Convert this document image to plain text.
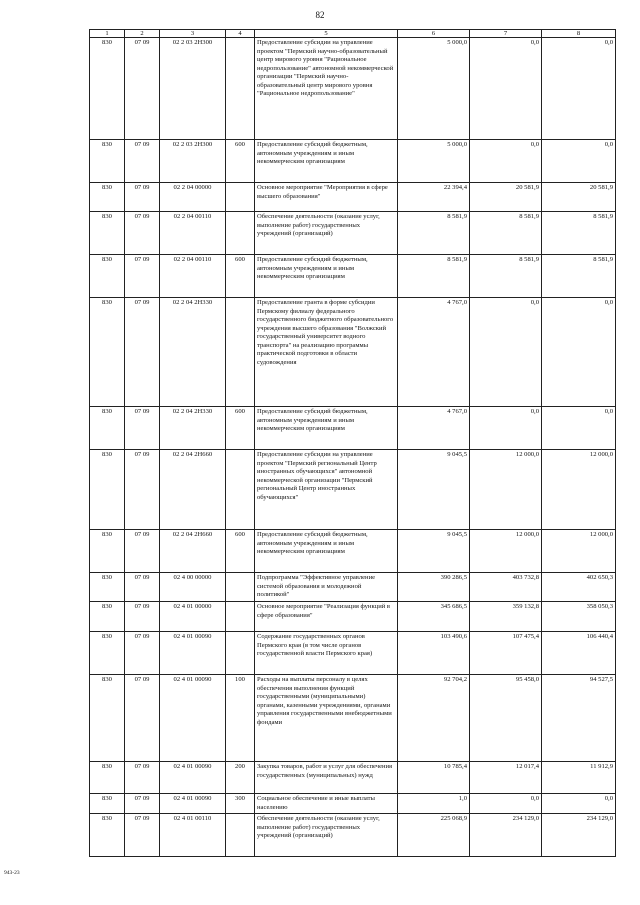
82
1	2	3	4	5	6	7	8
830	07 09	02 2 03 2Н300		Предоставление субсидии на управление проектом "Пермский научно-образовательный центр мирового уровня "Рациональное недропользование" автономной некоммерческой организации "Пермский научно-образовательный центр мирового уровня "Рациональное недропользование"	5 000,0	0,0	0,0
830	07 09	02 2 03 2Н300	600	Предоставление субсидий бюджетным, автономным учреждениям и иным некоммерческим организациям	5 000,0	0,0	0,0
830	07 09	02 2 04 00000		Основное мероприятие "Мероприятия в сфере высшего образования"	22 394,4	20 581,9	20 581,9
830	07 09	02 2 04 00110		Обеспечение деятельности (оказание услуг, выполнение работ) государственных учреждений (организаций)	8 581,9	8 581,9	8 581,9
830	07 09	02 2 04 00110	600	Предоставление субсидий бюджетным, автономным учреждениям и иным некоммерческим организациям	8 581,9	8 581,9	8 581,9
830	07 09	02 2 04 2Н330		Предоставление гранта в форме субсидии Пермскому филиалу федерального государственного бюджетного образовательного учреждения высшего образования "Волжский государственный университет водного транспорта" на реализацию программы практической подготовки в области судовождения	4 767,0	0,0	0,0
830	07 09	02 2 04 2Н330	600	Предоставление субсидий бюджетным, автономным учреждениям и иным некоммерческим организациям	4 767,0	0,0	0,0
830	07 09	02 2 04 2Н660		Предоставление субсидии на управление проектом "Пермский региональный Центр иностранных обучающихся" автономной некоммерческой организации "Пермский региональный Центр иностранных обучающихся"	9 045,5	12 000,0	12 000,0
830	07 09	02 2 04 2Н660	600	Предоставление субсидий бюджетным, автономным учреждениям и иным некоммерческим организациям	9 045,5	12 000,0	12 000,0
830	07 09	02 4 00 00000		Подпрограмма "Эффективное управление системой образования и молодежной политикой"	390 286,5	403 732,8	402 650,3
830	07 09	02 4 01 00000		Основное мероприятие "Реализация функций в сфере образования"	345 686,5	359 132,8	358 050,3
830	07 09	02 4 01 00090		Содержание государственных органов Пермского края (в том числе органов государственной власти Пермского края)	103 490,6	107 475,4	106 440,4
830	07 09	02 4 01 00090	100	Расходы на выплаты персоналу в целях обеспечения выполнения функций государственными (муниципальными) органами, казенными учреждениями, органами управления государственными внебюджетными фондами	92 704,2	95 458,0	94 527,5
830	07 09	02 4 01 00090	200	Закупка товаров, работ и услуг для обеспечения государственных (муниципальных) нужд	10 785,4	12 017,4	11 912,9
830	07 09	02 4 01 00090	300	Социальное обеспечение и иные выплаты населению	1,0	0,0	0,0
830	07 09	02 4 01 00110		Обеспечение деятельности (оказание услуг, выполнение работ) государственных учреждений (организаций)	225 068,9	234 129,0	234 129,0
943-23
